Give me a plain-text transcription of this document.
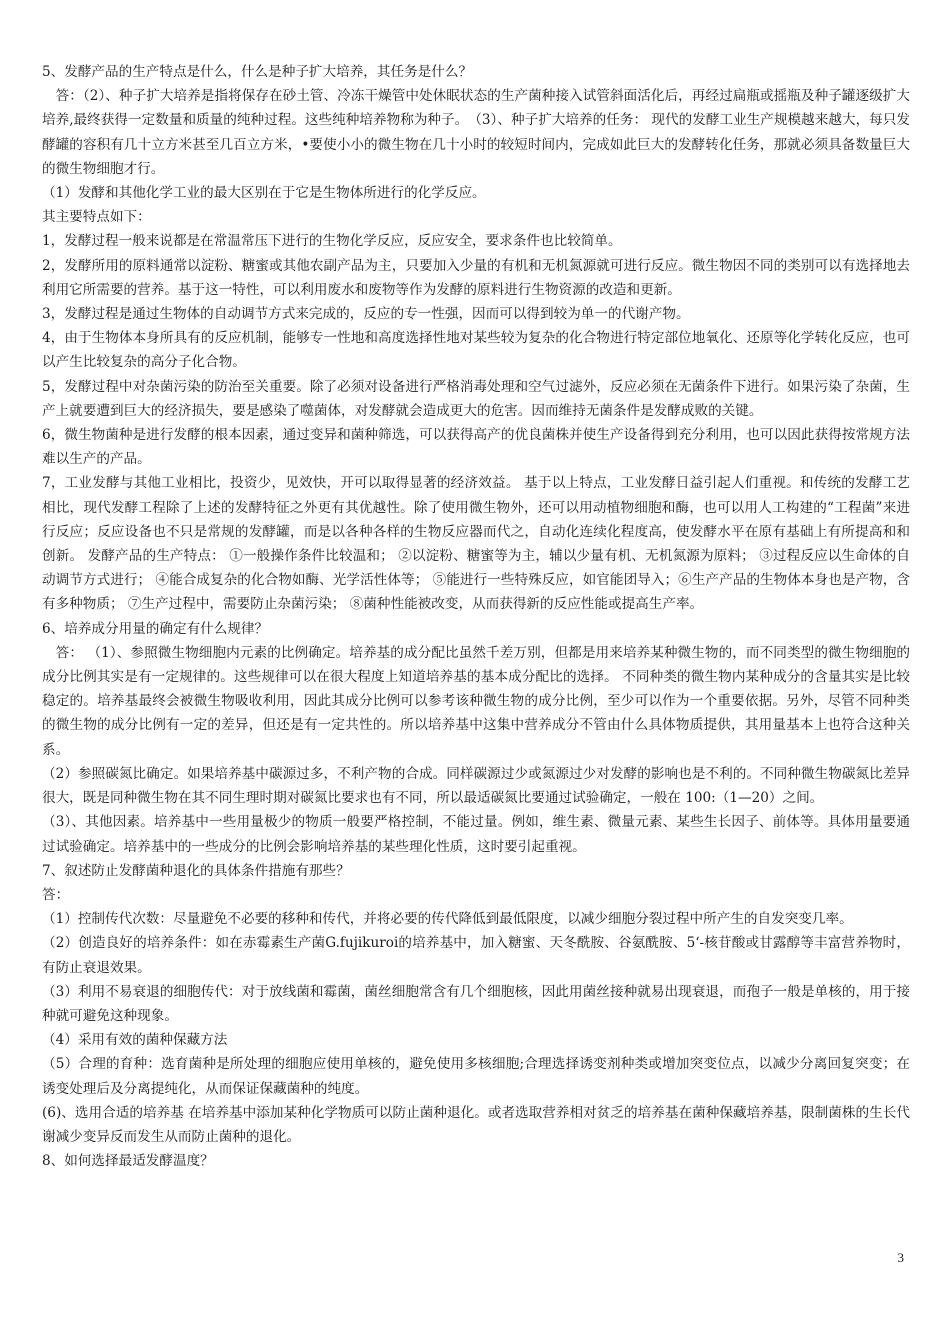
5、发酵产品的生产特点是什么，什么是种子扩大培养，其任务是什么？

　答：（2）、种子扩大培养是指将保存在砂土管、冷冻干燥管中处休眠状态的生产菌种接入试管斜面活化后，再经过扁瓶或摇瓶及种子罐逐级扩大培养,最终获得一定数量和质量的纯种过程。这些纯种培养物称为种子。　（3）、种子扩大培养的任务： 现代的发酵工业生产规模越来越大，每只发酵罐的容积有几十立方米甚至几百立方米，•要使小小的微生物在几十小时的较短时间内，完成如此巨大的发酵转化任务，那就必须具备数量巨大的微生物细胞才行。

（1）发酵和其他化学工业的最大区别在于它是生物体所进行的化学反应。

其主要特点如下：

1，发酵过程一般来说都是在常温常压下进行的生物化学反应，反应安全，要求条件也比较简单。

2，发酵所用的原料通常以淀粉、糖蜜或其他农副产品为主，只要加入少量的有机和无机氮源就可进行反应。微生物因不同的类别可以有选择地去利用它所需要的营养。基于这一特性，可以利用废水和废物等作为发酵的原料进行生物资源的改造和更新。

3，发酵过程是通过生物体的自动调节方式来完成的，反应的专一性强，因而可以得到较为单一的代谢产物。

4，由于生物体本身所具有的反应机制，能够专一性地和高度选择性地对某些较为复杂的化合物进行特定部位地氧化、还原等化学转化反应，也可以产生比较复杂的高分子化合物。

5，发酵过程中对杂菌污染的防治至关重要。除了必须对设备进行严格消毒处理和空气过滤外，反应必须在无菌条件下进行。如果污染了杂菌，生产上就要遭到巨大的经济损失，要是感染了噬菌体，对发酵就会造成更大的危害。因而维持无菌条件是发酵成败的关键。

6，微生物菌种是进行发酵的根本因素，通过变异和菌种筛选，可以获得高产的优良菌株并使生产设备得到充分利用，也可以因此获得按常规方法难以生产的产品。

7，工业发酵与其他工业相比，投资少，见效快，开可以取得显著的经济效益。 基于以上特点，工业发酵日益引起人们重视。和传统的发酵工艺相比，现代发酵工程除了上述的发酵特征之外更有其优越性。除了使用微生物外，还可以用动植物细胞和酶，也可以用人工构建的“工程菌”来进行反应；反应设备也不只是常规的发酵罐，而是以各种各样的生物反应器而代之，自动化连续化程度高，使发酵水平在原有基础上有所提高和和创新。 发酵产品的生产特点： ①一般操作条件比较温和； ②以淀粉、糖蜜等为主，辅以少量有机、无机氮源为原料； ③过程反应以生命体的自动调节方式进行； ④能合成复杂的化合物如酶、光学活性体等； ⑤能进行一些特殊反应，如官能团导入；⑥生产产品的生物体本身也是产物，含有多种物质； ⑦生产过程中，需要防止杂菌污染； ⑧菌种性能被改变，从而获得新的反应性能或提高生产率。

6、培养成分用量的确定有什么规律？

　答： （1）、参照微生物细胞内元素的比例确定。培养基的成分配比虽然千差万别，但都是用来培养某种微生物的，而不同类型的微生物细胞的成分比例其实是有一定规律的。这些规律可以在很大程度上知道培养基的基本成分配比的选择。 不同种类的微生物内某种成分的含量其实是比较稳定的。培养基最终会被微生物吸收利用，因此其成分比例可以参考该种微生物的成分比例，至少可以作为一个重要依据。另外，尽管不同种类的微生物的成分比例有一定的差异，但还是有一定共性的。所以培养基中这集中营养成分不管由什么具体物质提供，其用量基本上也符合这种关系。

（2）参照碳氮比确定。如果培养基中碳源过多，不利产物的合成。同样碳源过少或氮源过少对发酵的影响也是不利的。不同种微生物碳氮比差异很大，既是同种微生物在其不同生理时期对碳氮比要求也有不同，所以最适碳氮比要通过试验确定，一般在 100:（1—20）之间。

（3）、其他因素。培养基中一些用量极少的物质一般要严格控制，不能过量。例如，维生素、微量元素、某些生长因子、前体等。具体用量要通过试验确定。培养基中的一些成分的比例会影响培养基的某些理化性质，这时要引起重视。

7、叙述防止发酵菌种退化的具体条件措施有那些？

答：

（1）控制传代次数：尽量避免不必要的移种和传代，并将必要的传代降低到最低限度，以减少细胞分裂过程中所产生的自发突变几率。

（2）创造良好的培养条件：如在赤霉素生产菌G.fujikuroi的培养基中，加入糖蜜、天冬酰胺、谷氨酰胺、5‘-核苷酸或甘露醇等丰富营养物时，有防止衰退效果。

（3）利用不易衰退的细胞传代：对于放线菌和霉菌，菌丝细胞常含有几个细胞核，因此用菌丝接种就易出现衰退，而孢子一般是单核的，用于接种就可避免这种现象。

（4）采用有效的菌种保藏方法

（5）合理的育种：选育菌种是所处理的细胞应使用单核的，避免使用多核细胞;合理选择诱变剂种类或增加突变位点，以减少分离回复突变；在诱变处理后及分离提纯化，从而保证保藏菌种的纯度。

(6)、选用合适的培养基 在培养基中添加某种化学物质可以防止菌种退化。或者选取营养相对贫乏的培养基在菌种保藏培养基，限制菌株的生长代谢减少变异反而发生从而防止菌种的退化。

8、如何选择最适发酵温度？

3
